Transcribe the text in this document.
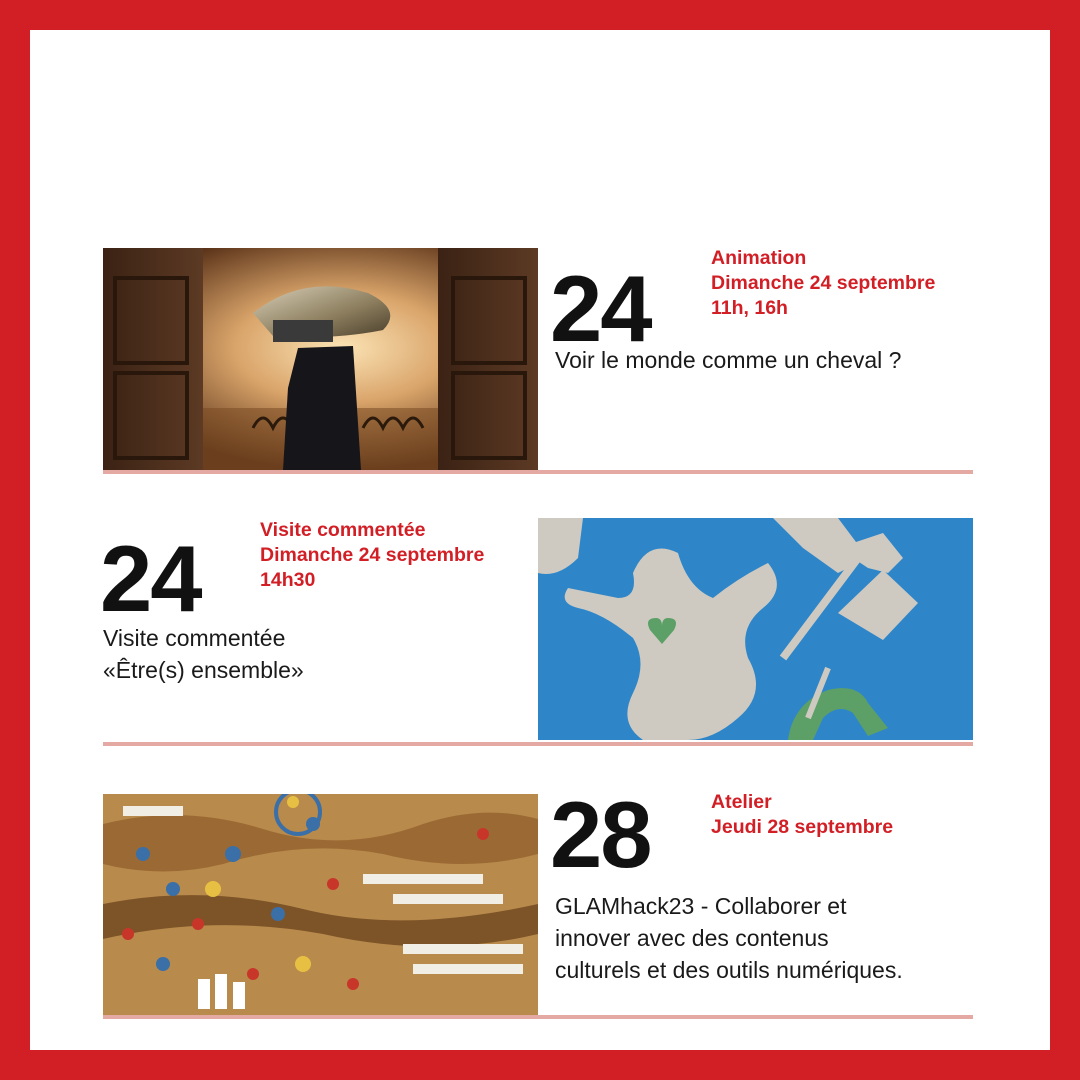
24	Animation
Dimanche 24 septembre
11h, 16h
Voir le monde comme un cheval ?
24	Visite commentée
Dimanche 24 septembre
14h30
Visite commentée
«Être(s) ensemble»
28	Atelier
Jeudi 28 septembre
GLAMhack23 - Collaborer et
innover avec des contenus
culturels et des outils numériques.
